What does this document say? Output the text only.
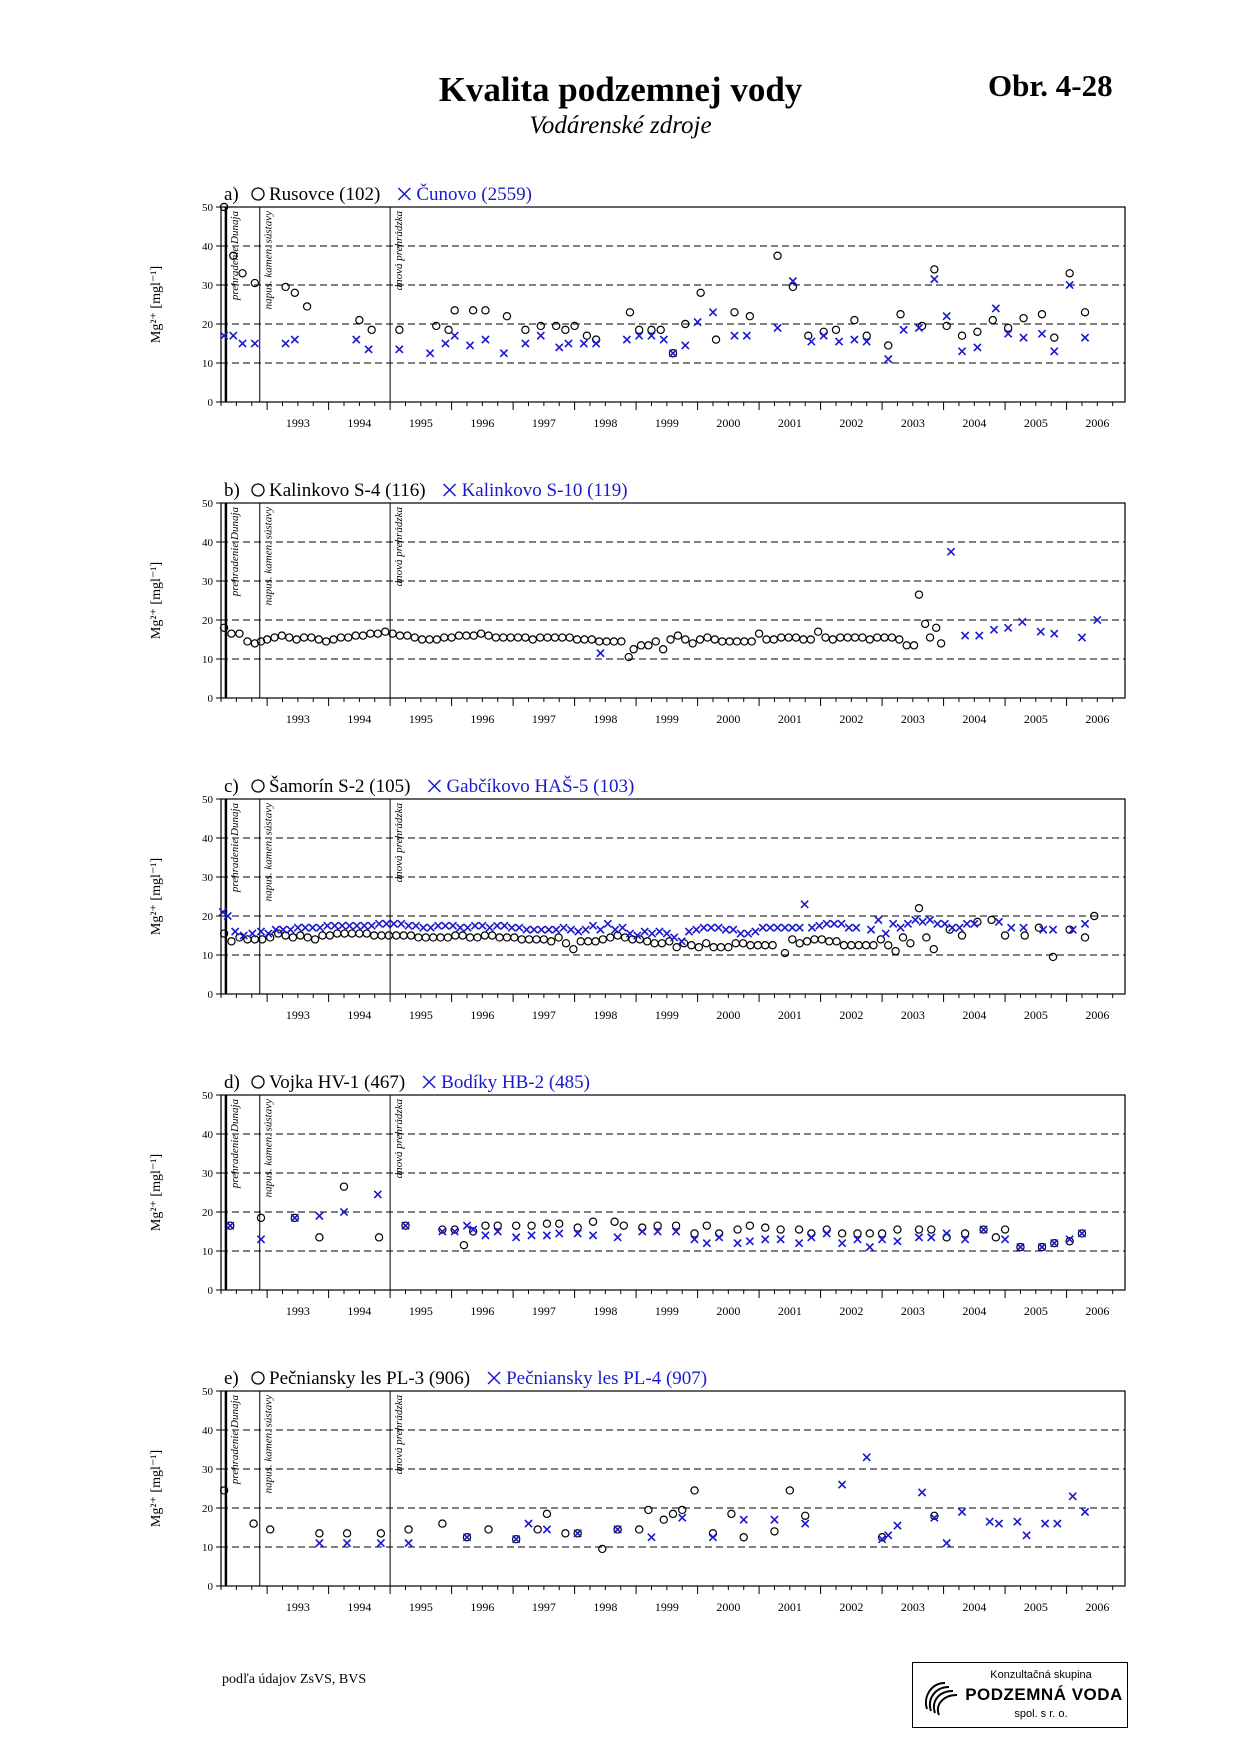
Kvalita podzemnej vody
Vodárenské zdroje
Obr. 4-28
0
10
20
30
40
50
1993	1994	1995	1996	1997	1998	1999	2000	2001	2002	2003	2004	2005	2006
Mg²⁺ [mgl⁻¹]
prehradenie Dunaja napus. kamen. sústavy	dnová prehrádzka
a) Rusovce (102) Čunovo (2559)
0
10
20
30
40
50
1993	1994	1995	1996	1997	1998	1999	2000	2001	2002	2003	2004	2005	2006
Mg²⁺ [mgl⁻¹]
prehradenie Dunaja napus. kamen. sústavy	dnová prehrádzka
b) Kalinkovo S-4 (116) Kalinkovo S-10 (119)
0
10
20
30
40
50
1993	1994	1995	1996	1997	1998	1999	2000	2001	2002	2003	2004	2005	2006
Mg²⁺ [mgl⁻¹]
prehradenie Dunaja napus. kamen. sústavy	dnová prehrádzka
c) Šamorín S-2 (105) Gabčíkovo HAŠ-5 (103)
0
10
20
30
40
50
1993	1994	1995	1996	1997	1998	1999	2000	2001	2002	2003	2004	2005	2006
Mg²⁺ [mgl⁻¹]
prehradenie Dunaja napus. kamen. sústavy	dnová prehrádzka
d) Vojka HV-1 (467) Bodíky HB-2 (485)
0
10
20
30
40
50
1993	1994	1995	1996	1997	1998	1999	2000	2001	2002	2003	2004	2005	2006
Mg²⁺ [mgl⁻¹]
prehradenie Dunaja napus. kamen. sústavy	dnová prehrádzka
e) Pečniansky les PL-3 (906) Pečniansky les PL-4 (907)
podľa údajov ZsVS, BVS	Konzultačná skupina
PODZEMNÁ VODA
spol. s r. o.
